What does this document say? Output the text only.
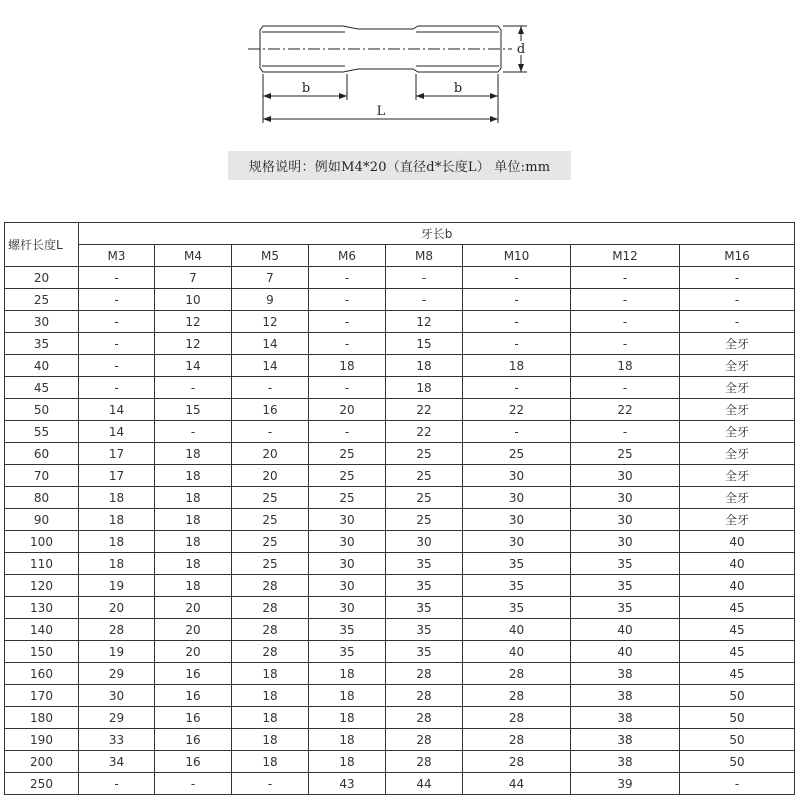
b	b
L
d
规格说明：例如M4*20（直径d*长度L） 单位:mm
螺杆长度L	牙长b							
	M3	M4	M5	M6	M8	M10	M12	M16
20	-	7	7	-	-	-	-	-
25	-	10	9	-	-	-	-	-
30	-	12	12	-	12	-	-	-
35	-	12	14	-	15	-	-	全牙
40	-	14	14	18	18	18	18	全牙
45	-	-	-	-	18	-	-	全牙
50	14	15	16	20	22	22	22	全牙
55	14	-	-	-	22	-	-	全牙
60	17	18	20	25	25	25	25	全牙
70	17	18	20	25	25	30	30	全牙
80	18	18	25	25	25	30	30	全牙
90	18	18	25	30	25	30	30	全牙
100	18	18	25	30	30	30	30	40
110	18	18	25	30	35	35	35	40
120	19	18	28	30	35	35	35	40
130	20	20	28	30	35	35	35	45
140	28	20	28	35	35	40	40	45
150	19	20	28	35	35	40	40	45
160	29	16	18	18	28	28	38	45
170	30	16	18	18	28	28	38	50
180	29	16	18	18	28	28	38	50
190	33	16	18	18	28	28	38	50
200	34	16	18	18	28	28	38	50
250	-	-	-	43	44	44	39	-
